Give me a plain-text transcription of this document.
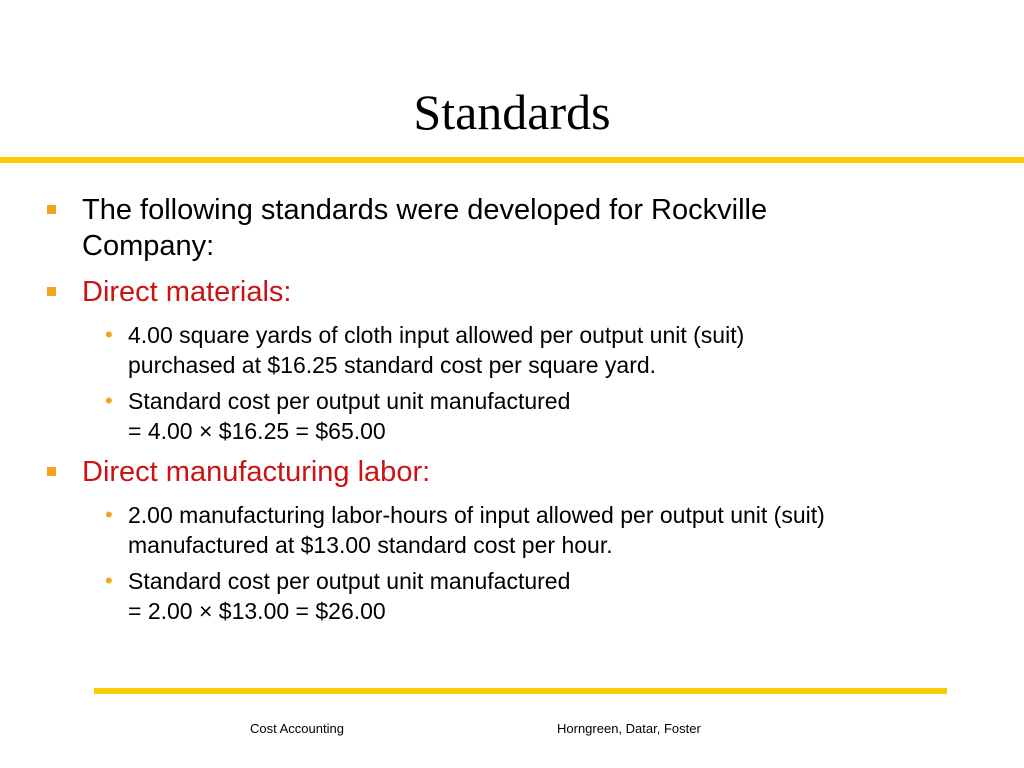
Standards
The following standards were developed for Rockville
Company:
Direct materials:
• 4.00 square yards of cloth input allowed per output unit (suit)
purchased at $16.25 standard cost per square yard.
• Standard cost per output unit manufactured
= 4.00 × $16.25 = $65.00
Direct manufacturing labor:
• 2.00 manufacturing labor-hours of input allowed per output unit (suit)
manufactured at $13.00 standard cost per hour.
• Standard cost per output unit manufactured
= 2.00 × $13.00 = $26.00
Cost Accounting	Horngreen, Datar, Foster
